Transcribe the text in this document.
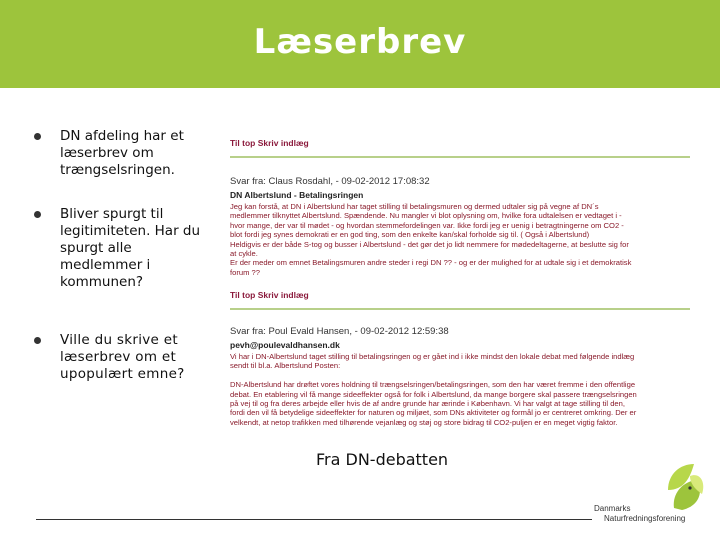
Læserbrev
DN afdeling har et
læserbrev om
trængselsringen.
Bliver spurgt til
legitimiteten. Har du
spurgt alle
medlemmer i
kommunen?
Ville du skrive et
læserbrev om et
upopulært emne?
Til top Skriv indlæg
Svar fra: Claus Rosdahl, - 09-02-2012 17:08:32
DN Albertslund - Betalingsringen
Jeg kan forstå, at DN i Albertslund har taget stilling til betalingsmuren og dermed udtaler sig på vegne af DN´s
medlemmer tilknyttet Albertslund. Spændende. Nu mangler vi blot oplysning om, hvilke fora udtalelsen er vedtaget i -
hvor mange, der var til mødet - og hvordan stemmefordelingen var. Ikke fordi jeg er uenig i betragtningerne om CO2 -
blot fordi jeg synes demokrati er en god ting, som den enkelte kan/skal forholde sig til. ( Også i Albertslund)
Heldigvis er der både S-tog og busser i Albertslund - det gør det jo lidt nemmere for mødedeltagerne, at beslutte sig for
at cykle.
Er der meder om emnet Betalingsmuren andre steder i regi DN ?? - og er der mulighed for at udtale sig i et demokratisk
forum ??
Til top Skriv indlæg
Svar fra: Poul Evald Hansen, - 09-02-2012 12:59:38
pevh@poulevaldhansen.dk
Vi har i DN-Albertslund taget stilling til betalingsringen og er gået ind i ikke mindst den lokale debat med følgende indlæg
sendt til bl.a. Albertslund Posten:

DN-Albertslund har drøftet vores holdning til trængselsringen/betalingsringen, som den har været fremme i den offentlige
debat. En etablering vil få mange sideeffekter også for folk i Albertslund, da mange borgere skal passere trængselsringen
på vej til og fra deres arbejde eller hvis de af andre grunde har ærinde i København. Vi har valgt at tage stilling til den,
fordi den vil få betydelige sideeffekter for naturen og miljøet, som DNs aktiviteter og formål jo er centreret omkring. Der er
velkendt, at netop trafikken med tilhørende vejanlæg og støj og store bidrag til CO2-puljen er en meget vigtig faktor.
Fra DN-debatten
Danmarks
Naturfredningsforening
